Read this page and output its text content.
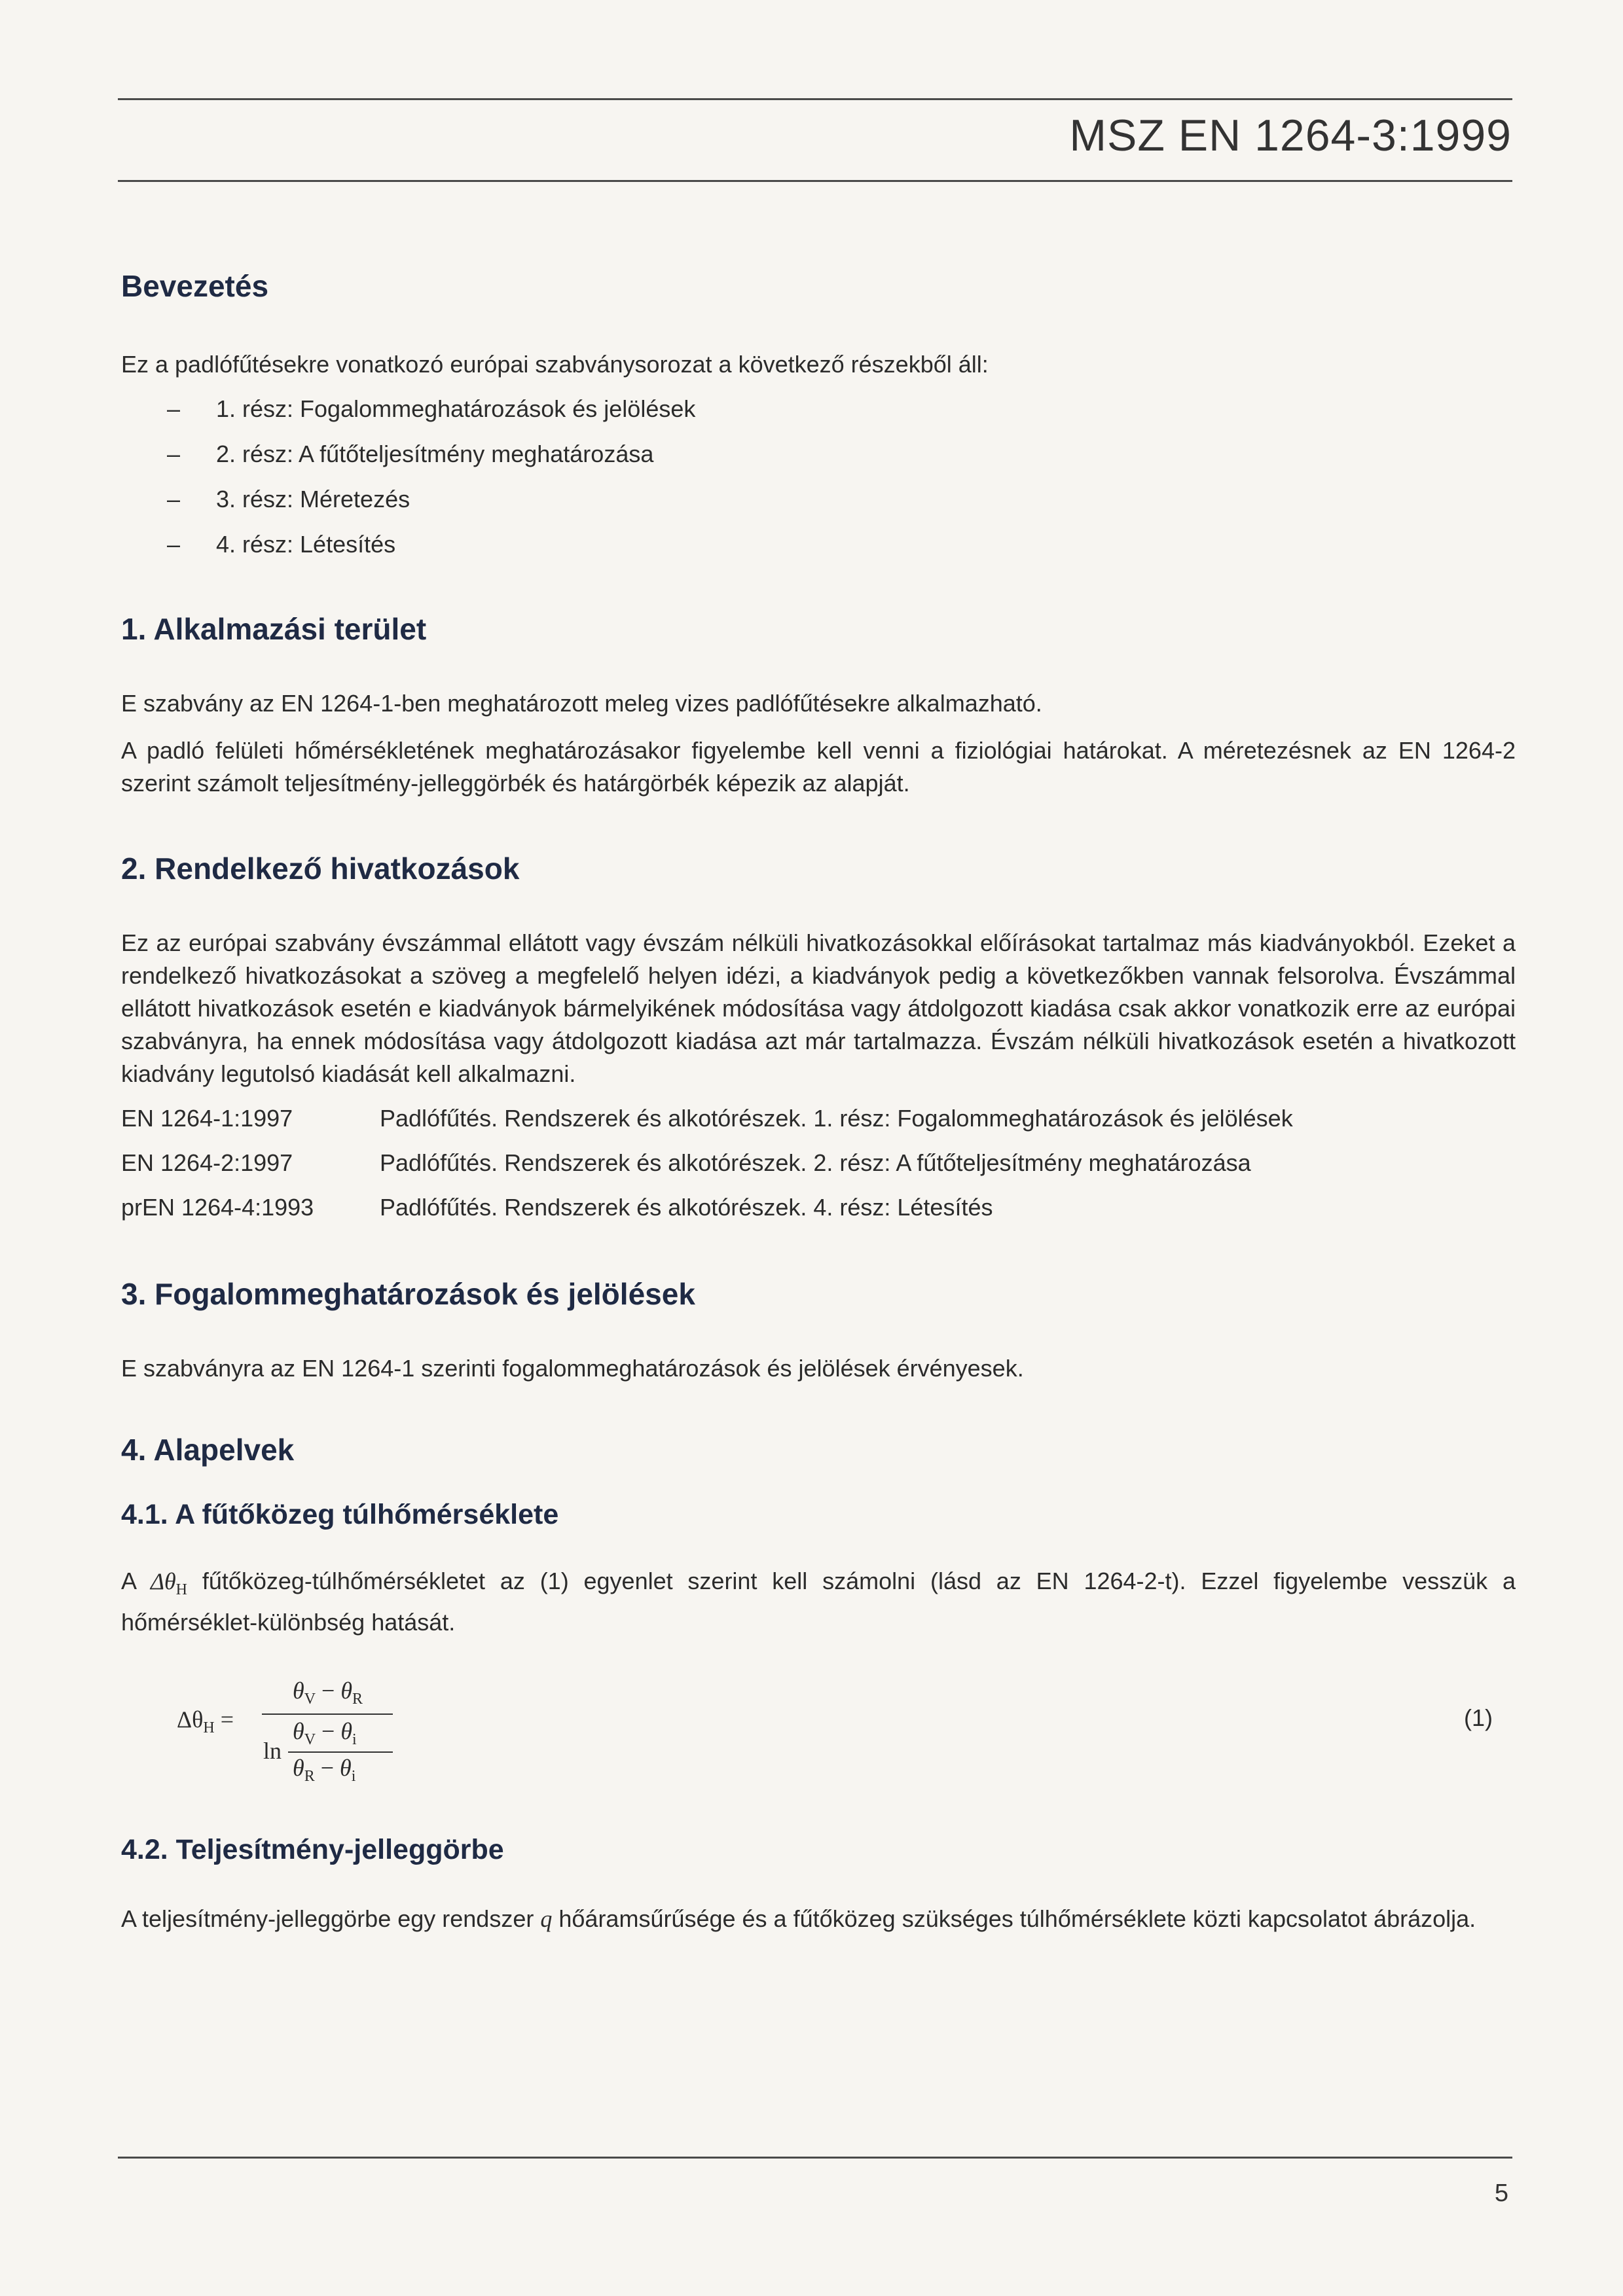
MSZ EN 1264-3:1999
Bevezetés

Ez a padlófűtésekre vonatkozó európai szabványsorozat a következő részekből áll:

– 1. rész: Fogalommeghatározások és jelölések
– 2. rész: A fűtőteljesítmény meghatározása
– 3. rész: Méretezés
– 4. rész: Létesítés
1. Alkalmazási terület

E szabvány az EN 1264-1-ben meghatározott meleg vizes padlófűtésekre alkalmazható.

A padló felületi hőmérsékletének meghatározásakor figyelembe kell venni a fiziológiai határokat. A méretezésnek az EN 1264-2 szerint számolt teljesítmény-jelleggörbék és határgörbék képezik az alapját.

2. Rendelkező hivatkozások

Ez az európai szabvány évszámmal ellátott vagy évszám nélküli hivatkozásokkal előírásokat tartalmaz más kiadványokból. Ezeket a rendelkező hivatkozásokat a szöveg a megfelelő helyen idézi, a kiadványok pedig a következőkben vannak felsorolva. Évszámmal ellátott hivatkozások esetén e kiadványok bármelyikének módosítása vagy átdolgozott kiadása csak akkor vonatkozik erre az európai szabványra, ha ennek módosítása vagy átdolgozott kiadása azt már tartalmazza. Évszám nélküli hivatkozások esetén a hivatkozott kiadvány legutolsó kiadását kell alkalmazni.

EN 1264-1:1997	Padlófűtés. Rendszerek és alkotórészek. 1. rész: Fogalommeghatározások és jelölések
EN 1264-2:1997	Padlófűtés. Rendszerek és alkotórészek. 2. rész: A fűtőteljesítmény meghatározása
prEN 1264-4:1993	Padlófűtés. Rendszerek és alkotórészek. 4. rész: Létesítés
3. Fogalommeghatározások és jelölések

E szabványra az EN 1264-1 szerinti fogalommeghatározások és jelölések érvényesek.

4. Alapelvek
4.1. A fűtőközeg túlhőmérséklete

A $\Delta\theta_H$ fűtőközeg-túlhőmérsékletet az (1) egyenlet szerint kell számolni (lásd az EN 1264-2-t). Ezzel figyelembe vesszük a hőmérséklet-különbség hatását.

$\Delta\theta_H$ =
$\theta_V - \theta_R$
ln
$\theta_V - \theta_i$
$\theta_R - \theta_i$
(1)
4.2. Teljesítmény-jelleggörbe

A teljesítmény-jelleggörbe egy rendszer q hőáramsűrűsége és a fűtőközeg szükséges túlhőmérséklete közti kapcsolatot ábrázolja.

5
